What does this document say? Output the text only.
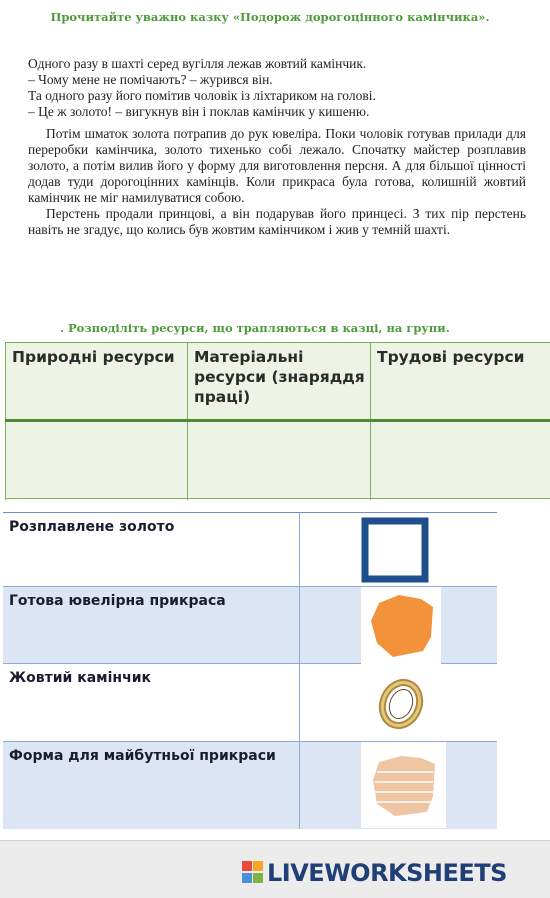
Прочитайте уважно казку «Подорож дорогоцінного камінчика».

Одного разу в шахті серед вугілля лежав жовтий камінчик.

– Чому мене не помічають? – журився він.

Та одного разу його помітив чоловік із ліхтариком на голові.

– Це ж золото! – вигукнув він і поклав камінчик у кишеню.

Потім шматок золота потрапив до рук ювеліра. Поки чоловік готував прилади для переробки камінчика, золото тихенько собі лежало. Спочатку майстер розплавив золото, а потім вилив його у форму для виготовлення персня. А для більшої цінності додав туди дорогоцінних камінців. Коли прикраса була готова, колишній жовтий камінчик не міг намилуватися собою.

Перстень продали принцові, а він подарував його принцесі. З тих пір перстень навіть не згадує, що колись був жовтим камінчиком і жив у темній шахті.

. Розподіліть ресурси, що трапляються в казці, на групи.
Природні ресурси	Матеріальні ресурси (знаряддя праці)
Трудові ресурси
Розплавлене золото
Готова ювелірна прикраса
Жовтий камінчик
Форма для майбутньої прикраси
LIVEWORKSHEETS
